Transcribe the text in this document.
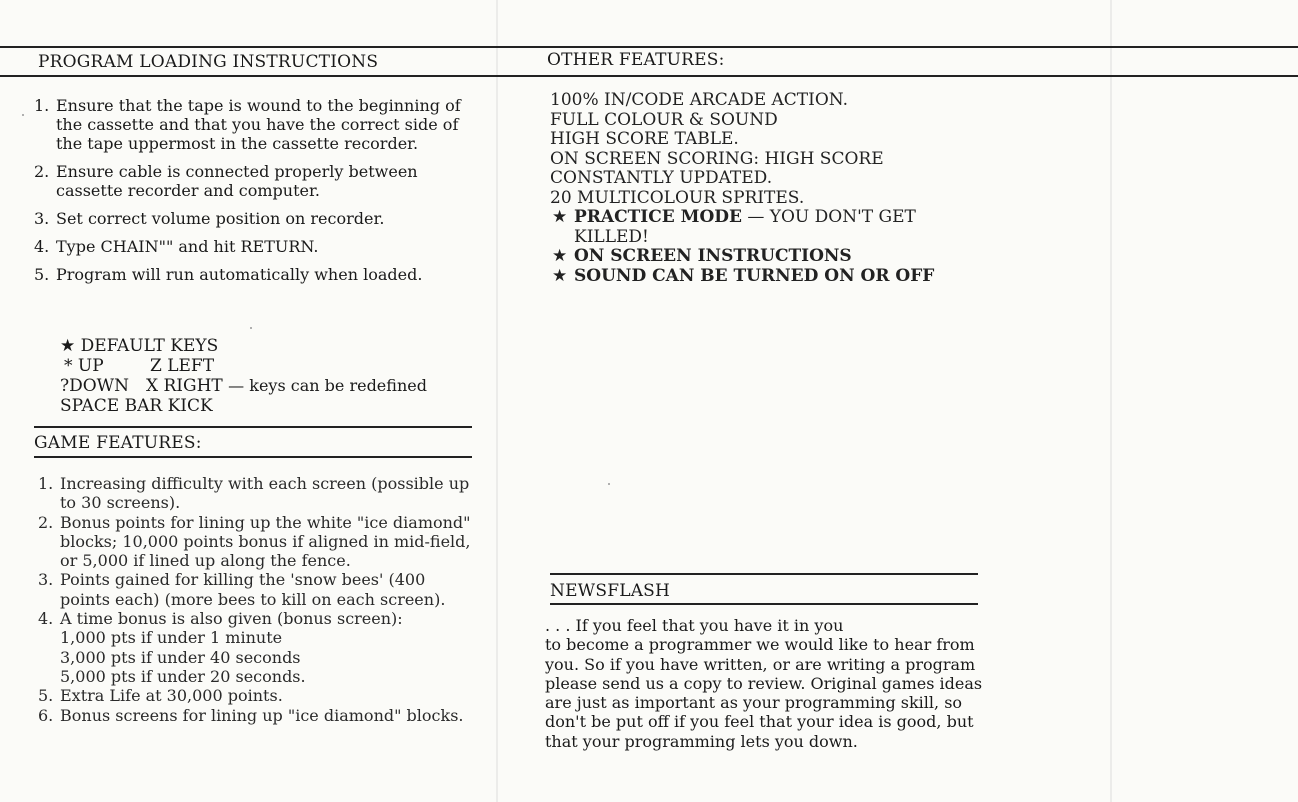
PROGRAM LOADING INSTRUCTIONS
1. Ensure that the tape is wound to the beginning of the cassette and that you have the correct side of the tape uppermost in the cassette recorder.
2. Ensure cable is connected properly between cassette recorder and computer.
3. Set correct volume position on recorder.
4. Type CHAIN"" and hit RETURN.
5. Program will run automatically when loaded.
★ DEFAULT KEYS
* UP	Z LEFT
?DOWN X RIGHT — keys can be redefined
SPACE BAR KICK
GAME FEATURES:
1. Increasing difficulty with each screen (possible up to 30 screens).
2. Bonus points for lining up the white "ice diamond" blocks; 10,000 points bonus if aligned in mid-field, or 5,000 if lined up along the fence.
3. Points gained for killing the 'snow bees' (400 points each) (more bees to kill on each screen).
4. A time bonus is also given (bonus screen):
1,000 pts if under 1 minute
3,000 pts if under 40 seconds
5,000 pts if under 20 seconds.
5. Extra Life at 30,000 points.
6. Bonus screens for lining up "ice diamond" blocks.
OTHER FEATURES:
100% IN/CODE ARCADE ACTION.
FULL COLOUR & SOUND
HIGH SCORE TABLE.
ON SCREEN SCORING: HIGH SCORE
CONSTANTLY UPDATED.
20 MULTICOLOUR SPRITES.
★ PRACTICE MODE — YOU DON'T GET
KILLED!
★ ON SCREEN INSTRUCTIONS
★ SOUND CAN BE TURNED ON OR OFF
NEWSFLASH
. . . If you feel that you have it in you
to become a programmer we would like to hear from you. So if you have written, or are writing a program please send us a copy to review. Original games ideas are just as important as your programming skill, so don't be put off if you feel that your idea is good, but that your programming lets you down.
